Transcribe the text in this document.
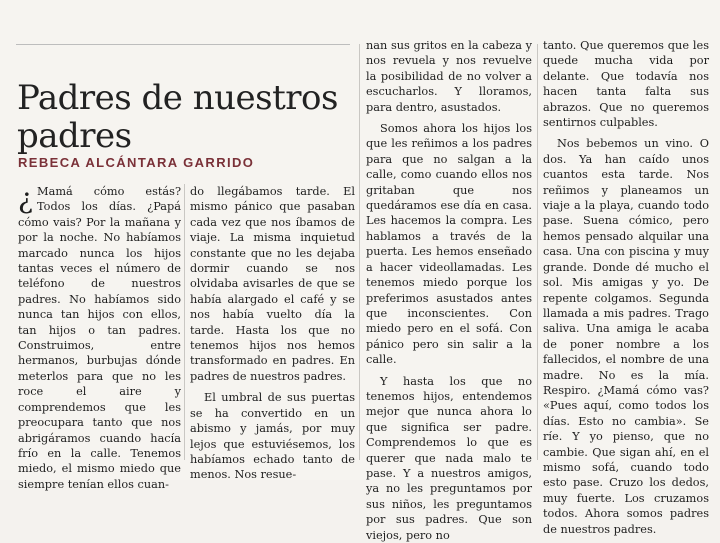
Padres de nuestros padres
REBECA ALCÁNTARA GARRIDO

¿ Mamá cómo estás? Todos los días. ¿Papá cómo vais? Por la mañana y por la noche. No habíamos marcado nunca los hijos tantas veces el número de teléfono de nuestros padres. No habíamos sido nunca tan hijos con ellos, tan hijos o tan padres. Construimos, entre hermanos, burbujas dónde meterlos para que no les roce el aire y comprendemos que les preocupara tanto que nos abrigáramos cuando hacía frío en la calle. Tenemos miedo, el mismo miedo que siempre tenían ellos cuan-

do llegábamos tarde. El mismo pánico que pasaban cada vez que nos íbamos de viaje. La misma inquietud constante que no les dejaba dormir cuando se nos olvidaba avisarles de que se había alargado el café y se nos había vuelto día la tarde. Hasta los que no tenemos hijos nos hemos transformado en padres. En padres de nuestros padres.

El umbral de sus puertas se ha convertido en un abismo y jamás, por muy lejos que estuviésemos, los habíamos echado tanto de menos. Nos resue-

nan sus gritos en la cabeza y nos revuela y nos revuelve la posibilidad de no volver a escucharlos. Y lloramos, para dentro, asustados.

Somos ahora los hijos los que les reñimos a los padres para que no salgan a la calle, como cuando ellos nos gritaban que nos quedáramos ese día en casa. Les hacemos la compra. Les hablamos a través de la puerta. Les hemos enseñado a hacer videollamadas. Les tenemos miedo porque los preferimos asustados antes que inconscientes. Con miedo pero en el sofá. Con pánico pero sin salir a la calle.

Y hasta los que no tenemos hijos, entendemos mejor que nunca ahora lo que significa ser padre. Comprendemos lo que es querer que nada malo te pase. Y a nuestros amigos, ya no les preguntamos por sus niños, les preguntamos por sus padres. Que son viejos, pero no

tanto. Que queremos que les quede mucha vida por delante. Que todavía nos hacen tanta falta sus abrazos. Que no queremos sentirnos culpables.

Nos bebemos un vino. O dos. Ya han caído unos cuantos esta tarde. Nos reñimos y planeamos un viaje a la playa, cuando todo pase. Suena cómico, pero hemos pensado alquilar una casa. Una con piscina y muy grande. Donde dé mucho el sol. Mis amigas y yo. De repente colgamos. Segunda llamada a mis padres. Trago saliva. Una amiga le acaba de poner nombre a los fallecidos, el nombre de una madre. No es la mía. Respiro. ¿Mamá cómo vas? «Pues aquí, como todos los días. Esto no cambia». Se ríe. Y yo pienso, que no cambie. Que sigan ahí, en el mismo sofá, cuando todo esto pase. Cruzo los dedos, muy fuerte. Los cruzamos todos. Ahora somos padres de nuestros padres.
